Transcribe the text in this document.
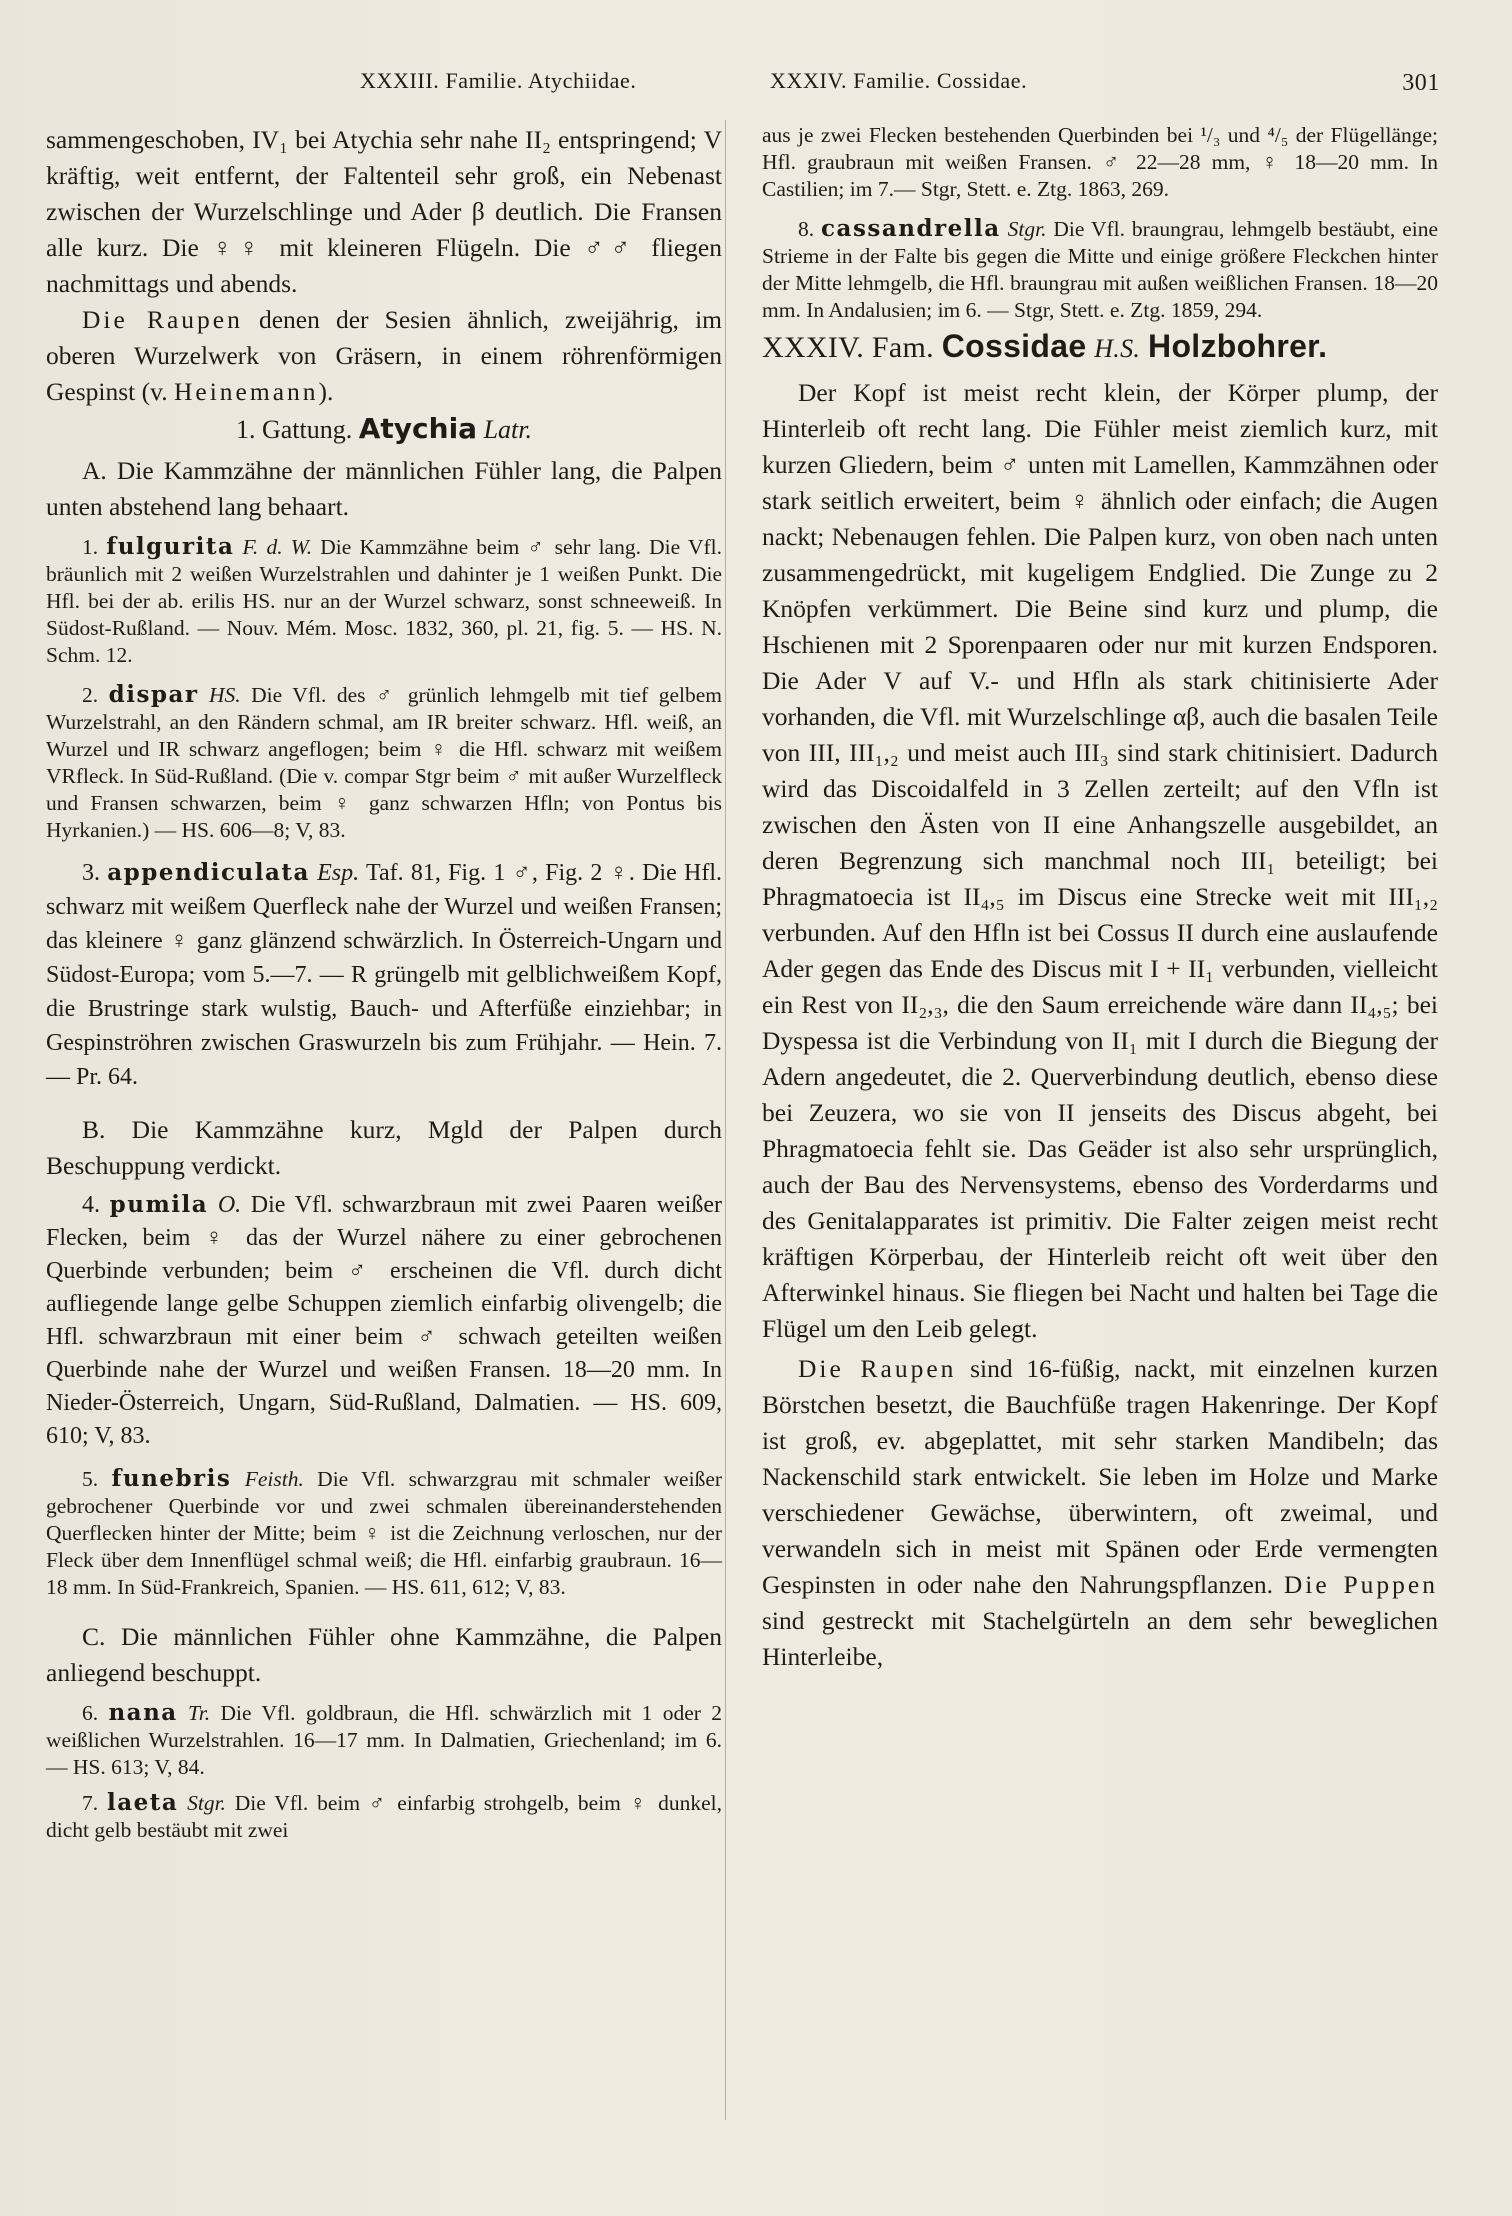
XXXIII. Familie. Atychiidae.	XXXIV. Familie. Cossidae.	301

sammengeschoben, IV₁ bei Atychia sehr nahe II₂ entspringend; V kräftig, weit entfernt, der Faltenteil sehr groß, ein Nebenast zwischen der Wurzelschlinge und Ader β deutlich. Die Fransen alle kurz. Die ♀♀ mit kleineren Flügeln. Die ♂♂ fliegen nachmittags und abends.

Die Raupen denen der Sesien ähnlich, zweijährig, im oberen Wurzelwerk von Gräsern, in einem röhrenförmigen Gespinst (v. Heinemann).

1. Gattung. Atychia Latr.

A. Die Kammzähne der männlichen Fühler lang, die Palpen unten abstehend lang behaart.

1. fulgurita F. d. W. Die Kammzähne beim ♂ sehr lang. Die Vfl. bräunlich mit 2 weißen Wurzelstrahlen und dahinter je 1 weißen Punkt. Die Hfl. bei der ab. erilis HS. nur an der Wurzel schwarz, sonst schneeweiß. In Südost-Rußland. — Nouv. Mém. Mosc. 1832, 360, pl. 21, fig. 5. — HS. N. Schm. 12.

2. dispar HS. Die Vfl. des ♂ grünlich lehmgelb mit tief gelbem Wurzelstrahl, an den Rändern schmal, am IR breiter schwarz. Hfl. weiß, an Wurzel und IR schwarz angeflogen; beim ♀ die Hfl. schwarz mit weißem VRfleck. In Süd-Rußland. (Die v. compar Stgr beim ♂ mit außer Wurzelfleck und Fransen schwarzen, beim ♀ ganz schwarzen Hfln; von Pontus bis Hyrkanien.) — HS. 606—8; V, 83.

3. appendiculata Esp. Taf. 81, Fig. 1 ♂, Fig. 2 ♀. Die Hfl. schwarz mit weißem Querfleck nahe der Wurzel und weißen Fransen; das kleinere ♀ ganz glänzend schwärzlich. In Österreich-Ungarn und Südost-Europa; vom 5.—7. — R grüngelb mit gelblichweißem Kopf, die Brustringe stark wulstig, Bauch- und Afterfüße einziehbar; in Gespinströhren zwischen Graswurzeln bis zum Frühjahr. — Hein. 7. — Pr. 64.

B. Die Kammzähne kurz, Mgld der Palpen durch Beschuppung verdickt.

4. pumila O. Die Vfl. schwarzbraun mit zwei Paaren weißer Flecken, beim ♀ das der Wurzel nähere zu einer gebrochenen Querbinde verbunden; beim ♂ erscheinen die Vfl. durch dicht aufliegende lange gelbe Schuppen ziemlich einfarbig olivengelb; die Hfl. schwarzbraun mit einer beim ♂ schwach geteilten weißen Querbinde nahe der Wurzel und weißen Fransen. 18—20 mm. In Nieder-Österreich, Ungarn, Süd-Rußland, Dalmatien. — HS. 609, 610; V, 83.

5. funebris Feisth. Die Vfl. schwarzgrau mit schmaler weißer gebrochener Querbinde vor und zwei schmalen übereinanderstehenden Querflecken hinter der Mitte; beim ♀ ist die Zeichnung verloschen, nur der Fleck über dem Innenflügel schmal weiß; die Hfl. einfarbig graubraun. 16—18 mm. In Süd-Frankreich, Spanien. — HS. 611, 612; V, 83.

C. Die männlichen Fühler ohne Kammzähne, die Palpen anliegend beschuppt.

6. nana Tr. Die Vfl. goldbraun, die Hfl. schwärzlich mit 1 oder 2 weißlichen Wurzelstrahlen. 16—17 mm. In Dalmatien, Griechenland; im 6. — HS. 613; V, 84.

7. laeta Stgr. Die Vfl. beim ♂ einfarbig strohgelb, beim ♀ dunkel, dicht gelb bestäubt mit zwei

aus je zwei Flecken bestehenden Querbinden bei ¹/₃ und ⁴/₅ der Flügellänge; Hfl. graubraun mit weißen Fransen. ♂ 22—28 mm, ♀ 18—20 mm. In Castilien; im 7.— Stgr, Stett. e. Ztg. 1863, 269.

8. cassandrella Stgr. Die Vfl. braungrau, lehmgelb bestäubt, eine Strieme in der Falte bis gegen die Mitte und einige größere Fleckchen hinter der Mitte lehmgelb, die Hfl. braungrau mit außen weißlichen Fransen. 18—20 mm. In Andalusien; im 6. — Stgr, Stett. e. Ztg. 1859, 294.

XXXIV. Fam. Cossidae H.S. Holzbohrer.

Der Kopf ist meist recht klein, der Körper plump, der Hinterleib oft recht lang. Die Fühler meist ziemlich kurz, mit kurzen Gliedern, beim ♂ unten mit Lamellen, Kammzähnen oder stark seitlich erweitert, beim ♀ ähnlich oder einfach; die Augen nackt; Nebenaugen fehlen. Die Palpen kurz, von oben nach unten zusammengedrückt, mit kugeligem Endglied. Die Zunge zu 2 Knöpfen verkümmert. Die Beine sind kurz und plump, die Hschienen mit 2 Sporenpaaren oder nur mit kurzen Endsporen. Die Ader V auf V.- und Hfln als stark chitinisierte Ader vorhanden, die Vfl. mit Wurzelschlinge αβ, auch die basalen Teile von III, III₁,₂ und meist auch III₃ sind stark chitinisiert. Dadurch wird das Discoidalfeld in 3 Zellen zerteilt; auf den Vfln ist zwischen den Ästen von II eine Anhangszelle ausgebildet, an deren Begrenzung sich manchmal noch III₁ beteiligt; bei Phragmatoecia ist II₄,₅ im Discus eine Strecke weit mit III₁,₂ verbunden. Auf den Hfln ist bei Cossus II durch eine auslaufende Ader gegen das Ende des Discus mit I + II₁ verbunden, vielleicht ein Rest von II₂,₃, die den Saum erreichende wäre dann II₄,₅; bei Dyspessa ist die Verbindung von II₁ mit I durch die Biegung der Adern angedeutet, die 2. Querverbindung deutlich, ebenso diese bei Zeuzera, wo sie von II jenseits des Discus abgeht, bei Phragmatoecia fehlt sie. Das Geäder ist also sehr ursprünglich, auch der Bau des Nervensystems, ebenso des Vorderdarms und des Genitalapparates ist primitiv. Die Falter zeigen meist recht kräftigen Körperbau, der Hinterleib reicht oft weit über den Afterwinkel hinaus. Sie fliegen bei Nacht und halten bei Tage die Flügel um den Leib gelegt.

Die Raupen sind 16-füßig, nackt, mit einzelnen kurzen Börstchen besetzt, die Bauchfüße tragen Hakenringe. Der Kopf ist groß, ev. abgeplattet, mit sehr starken Mandibeln; das Nackenschild stark entwickelt. Sie leben im Holze und Marke verschiedener Gewächse, überwintern, oft zweimal, und verwandeln sich in meist mit Spänen oder Erde vermengten Gespinsten in oder nahe den Nahrungspflanzen. Die Puppen sind gestreckt mit Stachelgürteln an dem sehr beweglichen Hinterleibe,
